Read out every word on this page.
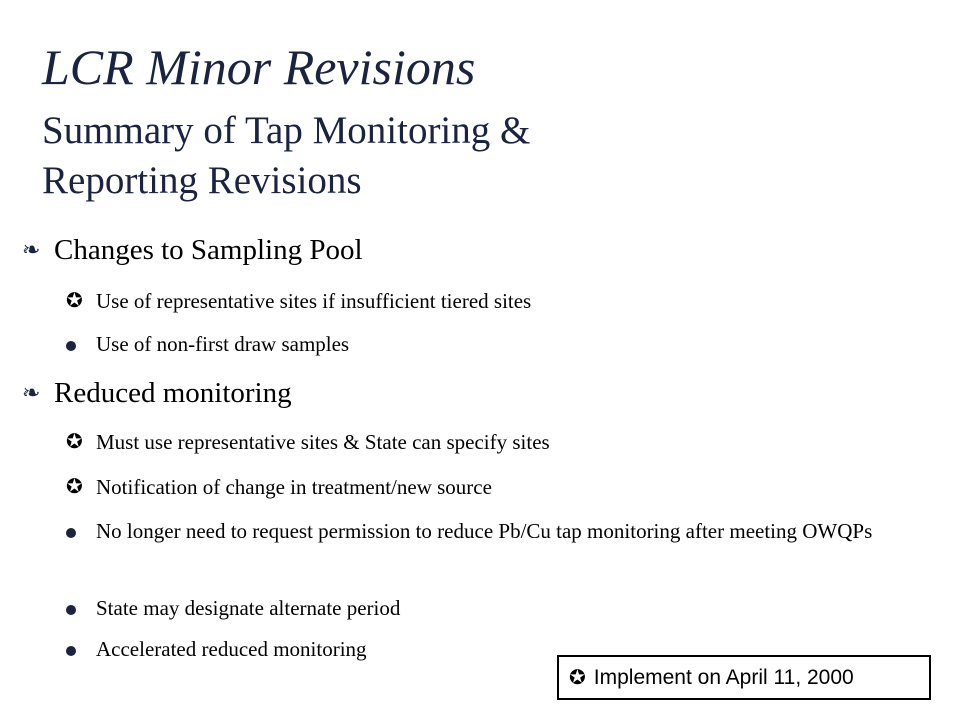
LCR Minor Revisions
Summary of Tap Monitoring &
Reporting Revisions
❧ Changes to Sampling Pool
✪ Use of representative sites if insufficient tiered sites
Use of non-first draw samples
❧ Reduced monitoring
✪ Must use representative sites & State can specify sites
✪ Notification of change in treatment/new source
No longer need to request permission to reduce Pb/Cu tap monitoring after meeting OWQPs
State may designate alternate period
Accelerated reduced monitoring
✪ Implement on April 11, 2000
